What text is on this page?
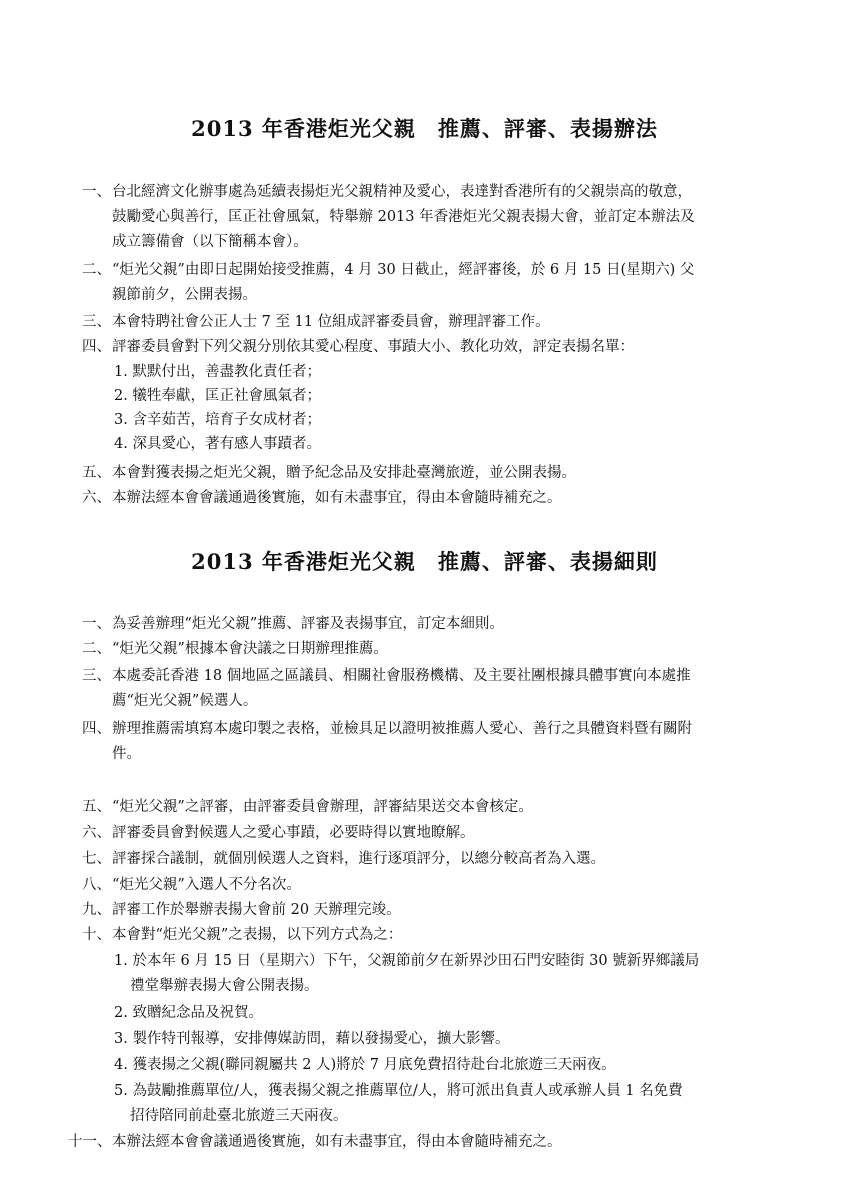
2013 年香港炬光父親　推薦、評審、表揚辦法
一、台北經濟文化辦事處為延續表揚炬光父親精神及愛心，表達對香港所有的父親崇高的敬意，
鼓勵愛心與善行，匡正社會風氣，特舉辦 2013 年香港炬光父親表揚大會，並訂定本辦法及
成立籌備會（以下簡稱本會）。
二、“炬光父親”由即日起開始接受推薦，4 月 30 日截止，經評審後，於 6 月 15 日(星期六) 父
親節前夕，公開表揚。
三、本會特聘社會公正人士 7 至 11 位組成評審委員會，辦理評審工作。
四、評審委員會對下列父親分別依其愛心程度、事蹟大小、教化功效，評定表揚名單：
1. 默默付出，善盡教化責任者；
2. 犧牲奉獻，匡正社會風氣者；
3. 含辛茹苦，培育子女成材者；
4. 深具愛心，著有感人事蹟者。
五、本會對獲表揚之炬光父親，贈予紀念品及安排赴臺灣旅遊，並公開表揚。
六、本辦法經本會會議通過後實施，如有未盡事宜，得由本會隨時補充之。
2013 年香港炬光父親　推薦、評審、表揚細則
一、為妥善辦理“炬光父親”推薦、評審及表揚事宜，訂定本細則。
二、“炬光父親”根據本會決議之日期辦理推薦。
三、本處委託香港 18 個地區之區議員、相關社會服務機構、及主要社團根據具體事實向本處推
薦“炬光父親”候選人。
四、辦理推薦需填寫本處印製之表格，並檢具足以證明被推薦人愛心、善行之具體資料暨有關附
件。
五、“炬光父親”之評審，由評審委員會辦理，評審結果送交本會核定。
六、評審委員會對候選人之愛心事蹟，必要時得以實地瞭解。
七、評審採合議制，就個別候選人之資料，進行逐項評分，以總分較高者為入選。
八、“炬光父親”入選人不分名次。
九、評審工作於舉辦表揚大會前 20 天辦理完竣。
十、本會對“炬光父親”之表揚，以下列方式為之：
1. 於本年 6 月 15 日（星期六）下午，父親節前夕在新界沙田石門安睦街 30 號新界鄉議局
禮堂舉辦表揚大會公開表揚。
2. 致贈紀念品及祝賀。
3. 製作特刊報導，安排傳媒訪問，藉以發揚愛心，擴大影響。
4. 獲表揚之父親(聯同親屬共 2 人)將於 7 月底免費招待赴台北旅遊三天兩夜。
5. 為鼓勵推薦單位/人，獲表揚父親之推薦單位/人，將可派出負責人或承辦人員 1 名免費
招待陪同前赴臺北旅遊三天兩夜。
十一、本辦法經本會會議通過後實施，如有未盡事宜，得由本會隨時補充之。
